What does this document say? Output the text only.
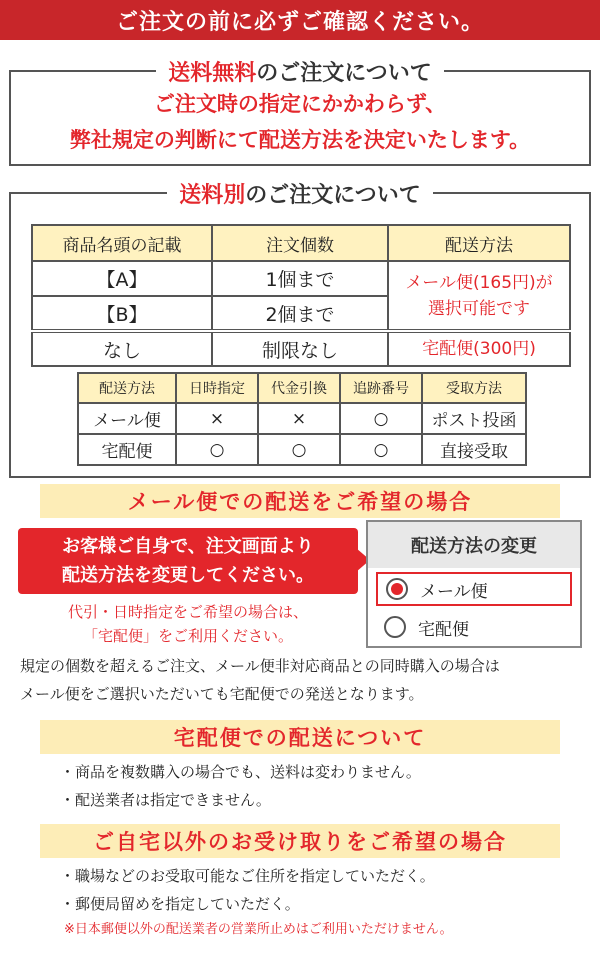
ご注文の前に必ずご確認ください。
送料無料のご注文について
ご注文時の指定にかかわらず、
弊社規定の判断にて配送方法を決定いたします。
送料別のご注文について
商品名頭の記載	注文個数	配送方法
【A】	1個まで	メール便(165円)が
選択可能です

【B】	2個まで	
なし	制限なし	宅配便(300円)
配送方法	日時指定	代金引換	追跡番号	受取方法
メール便	×	×	○	ポスト投函
宅配便	○	○	○	直接受取
メール便での配送をご希望の場合
お客様ご自身で、注文画面より
配送方法を変更してください。
代引・日時指定をご希望の場合は、
「宅配便」をご利用ください。
配送方法の変更
メール便
宅配便
規定の個数を超えるご注文、メール便非対応商品との同時購入の場合は
メール便をご選択いただいても宅配便での発送となります。
宅配便での配送について
・商品を複数購入の場合でも、送料は変わりません。
・配送業者は指定できません。
ご自宅以外のお受け取りをご希望の場合
・職場などのお受取可能なご住所を指定していただく。
・郵便局留めを指定していただく。
※日本郵便以外の配送業者の営業所止めはご利用いただけません。
